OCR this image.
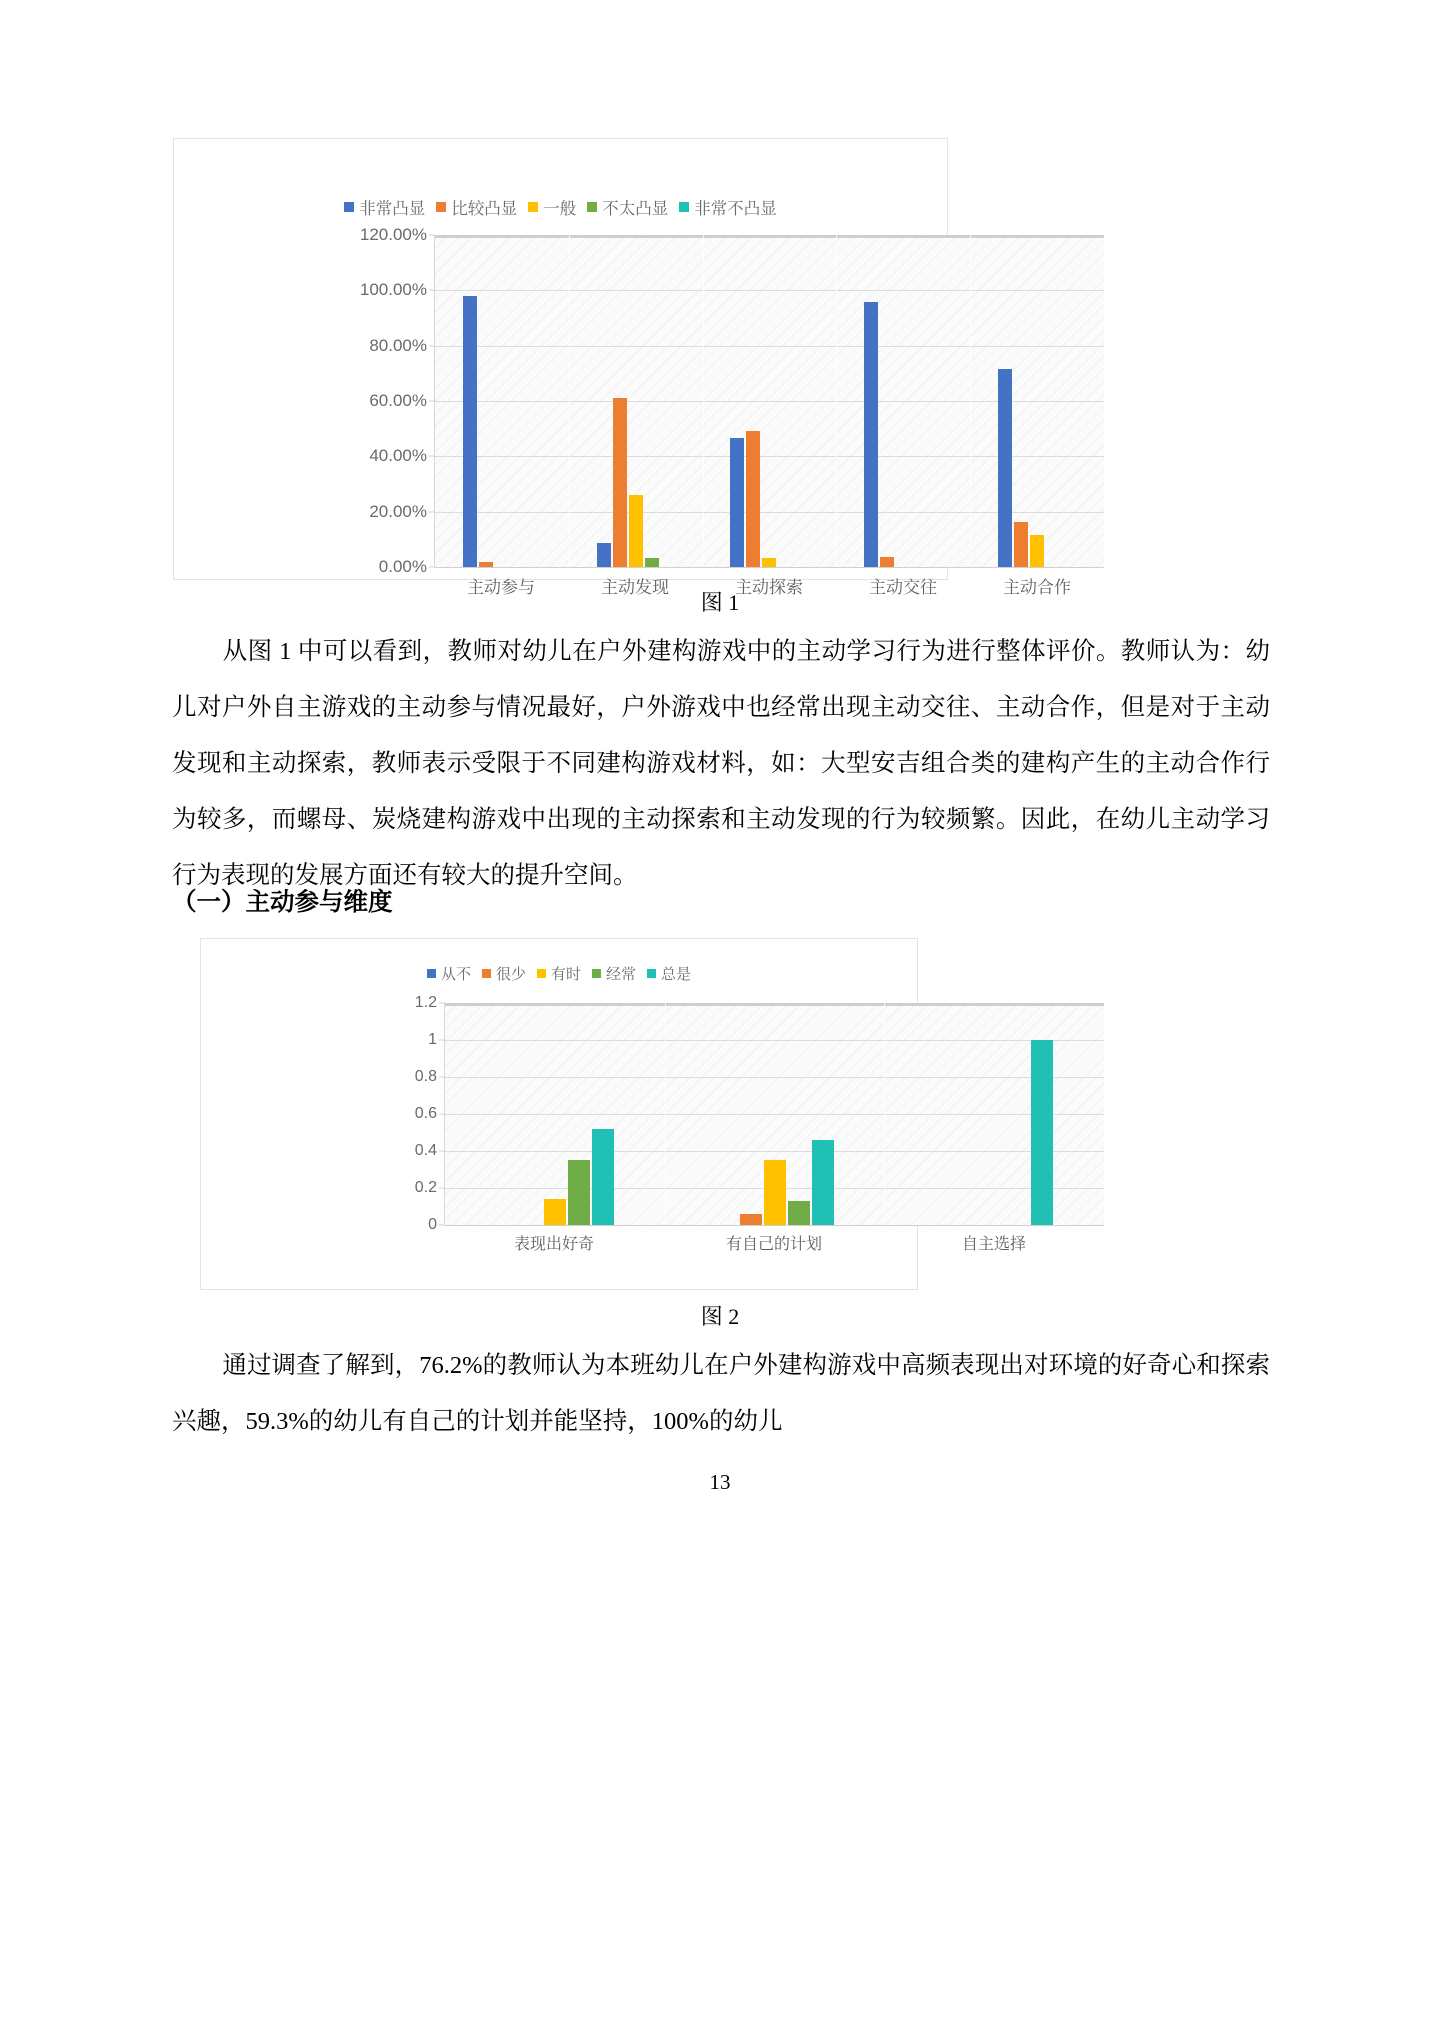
非常凸显 比较凸显 一般 不太凸显 非常不凸显
0.00%
20.00%
40.00%
60.00%
80.00%
100.00%
120.00%
主动参与	主动发现	主动探索	主动交往	主动合作
图 1
从图 1 中可以看到，教师对幼儿在户外建构游戏中的主动学习行为进行整体评价。教师认为：幼儿对户外自主游戏的主动参与情况最好，户外游戏中也经常出现主动交往、主动合作，但是对于主动发现和主动探索，教师表示受限于不同建构游戏材料，如：大型安吉组合类的建构产生的主动合作行为较多，而螺母、炭烧建构游戏中出现的主动探索和主动发现的行为较频繁。因此，在幼儿主动学习行为表现的发展方面还有较大的提升空间。
（一）主动参与维度
从不 很少 有时 经常 总是
0
0.2
0.4
0.6
0.8
1
1.2
表现出好奇	有自己的计划	自主选择
图 2
通过调查了解到，76.2%的教师认为本班幼儿在户外建构游戏中高频表现出对环境的好奇心和探索兴趣，59.3%的幼儿有自己的计划并能坚持，100%的幼儿
13
